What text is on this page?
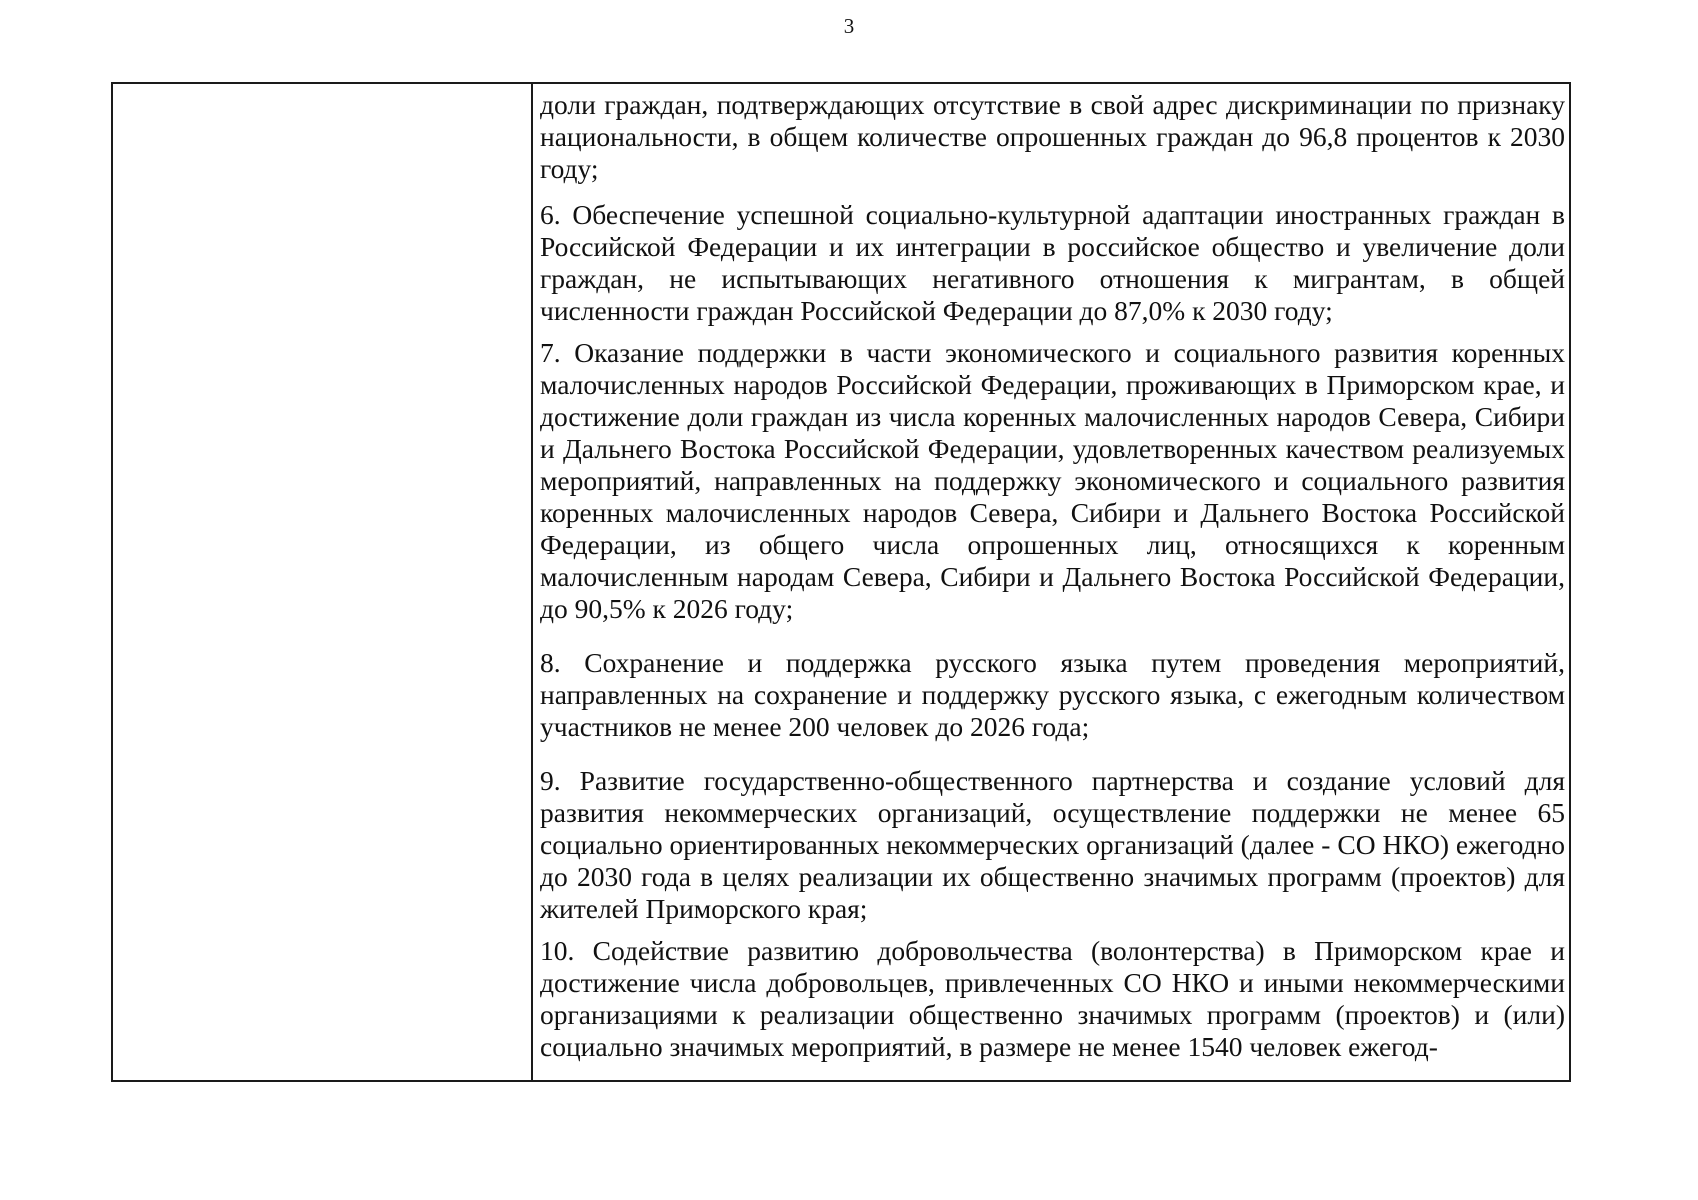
3
доли граждан, подтверждающих отсутствие в свой адрес дискриминации по признаку национальности, в общем количестве опрошенных граждан до 96,8 процентов к 2030 году;
6. Обеспечение успешной социально-культурной адаптации иностранных граждан в Российской Федерации и их интеграции в российское общество и увеличение доли граждан, не испытывающих негативного отношения к мигрантам, в общей численности граждан Российской Федерации до 87,0% к 2030 году;
7. Оказание поддержки в части экономического и социального развития коренных малочисленных народов Российской Федерации, проживающих в Приморском крае, и достижение доли граждан из числа коренных малочисленных народов Севера, Сибири и Дальнего Востока Российской Федерации, удовлетворенных качеством реализуемых мероприятий, направленных на поддержку экономического и социального развития коренных малочисленных народов Севера, Сибири и Дальнего Востока Российской Федерации, из общего числа опрошенных лиц, относящихся к коренным малочисленным народам Севера, Сибири и Дальнего Востока Российской Федерации, до 90,5% к 2026 году;
8. Сохранение и поддержка русского языка путем проведения мероприятий, направленных на сохранение и поддержку русского языка, с ежегодным количеством участников не менее 200 человек до 2026 года;
9. Развитие государственно-общественного партнерства и создание условий для развития некоммерческих организаций, осуществление поддержки не менее 65 социально ориентированных некоммерческих организаций (далее - СО НКО) ежегодно до 2030 года в целях реализации их общественно значимых программ (проектов) для жителей Приморского края;
10. Содействие развитию добровольчества (волонтерства) в Приморском крае и достижение числа добровольцев, привлеченных СО НКО и иными некоммерческими организациями к реализации общественно значимых программ (проектов) и (или) социально значимых мероприятий, в размере не менее 1540 человек ежегод-
